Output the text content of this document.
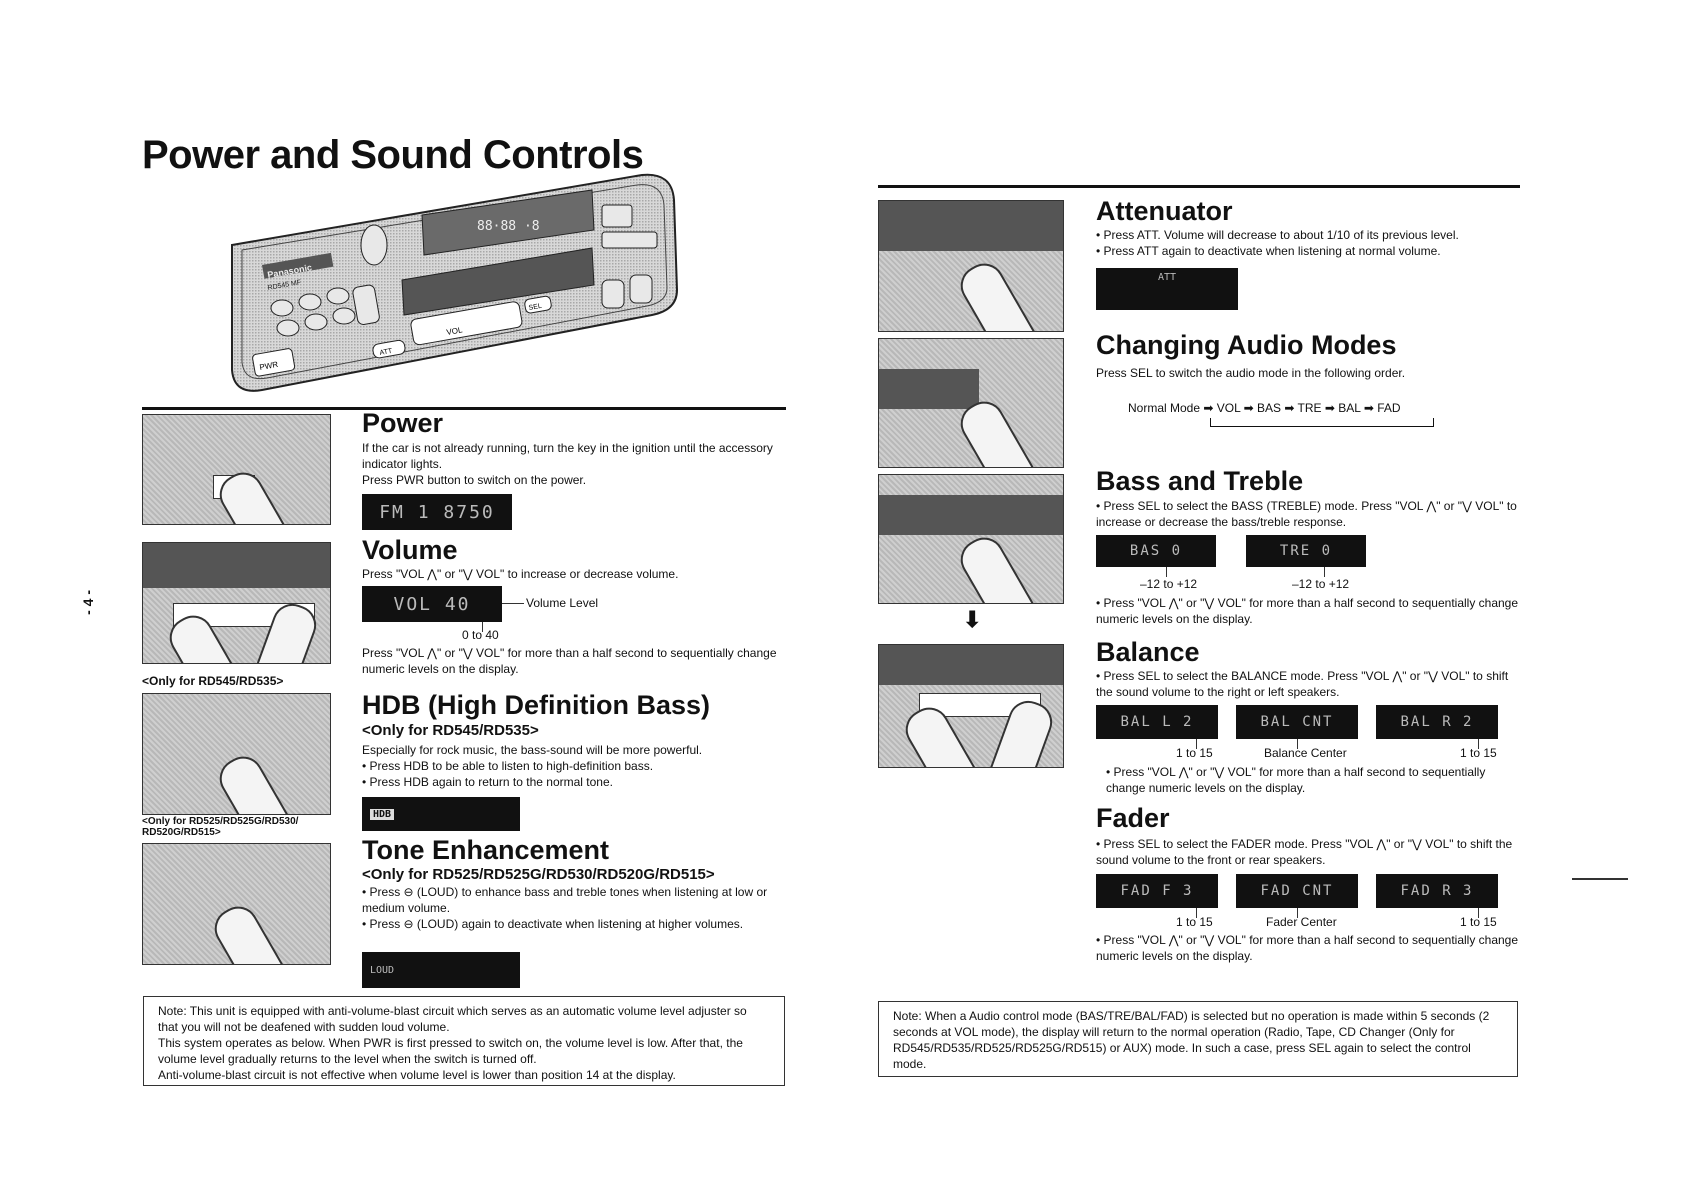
- 4 -
Power and Sound Controls
88·88 ·8
Panasonic
RD545 MF
PWR
ATT
VOL
SEL
<Only for RD545/RD535>
<Only for RD525/RD525G/RD530/ RD520G/RD515>
Power
If the car is not already running, turn the key in the ignition until the accessory indicator lights.
Press PWR button to switch on the power.
FM 1 8750
Volume
Press "VOL ⋀" or "⋁ VOL" to increase or decrease volume.
VOL 40	Volume Level
0 to 40
Press "VOL ⋀" or "⋁ VOL" for more than a half second to sequentially change numeric levels on the display.
HDB (High Definition Bass)
<Only for RD545/RD535>
Especially for rock music, the bass-sound will be more powerful.
• Press HDB to be able to listen to high-definition bass.
• Press HDB again to return to the normal tone.
HDB
Tone Enhancement
<Only for RD525/RD525G/RD530/RD520G/RD515>
• Press ⊖ (LOUD) to enhance bass and treble tones when listening at low or medium volume.
• Press ⊖ (LOUD) again to deactivate when listening at higher volumes.
LOUD
Note: This unit is equipped with anti-volume-blast circuit which serves as an automatic volume level adjuster so that you will not be deafened with sudden loud volume.
This system operates as below. When PWR is first pressed to switch on, the volume level is low. After that, the volume level gradually returns to the level when the switch is turned off.
Anti-volume-blast circuit is not effective when volume level is lower than position 14 at the display.
⬇
Attenuator
• Press ATT. Volume will decrease to about 1/10 of its previous level.
• Press ATT again to deactivate when listening at normal volume.
ATT
Changing Audio Modes
Press SEL to switch the audio mode in the following order.
Normal Mode ➡ VOL ➡ BAS ➡ TRE ➡ BAL ➡ FAD
Bass and Treble
• Press SEL to select the BASS (TREBLE) mode. Press "VOL ⋀" or "⋁ VOL" to increase or decrease the bass/treble response.
BAS 0	TRE 0
–12 to +12	–12 to +12
• Press "VOL ⋀" or "⋁ VOL" for more than a half second to sequentially change numeric levels on the display.
Balance
• Press SEL to select the BALANCE mode. Press "VOL ⋀" or "⋁ VOL" to shift the sound volume to the right or left speakers.
BAL L 2	BAL CNT	BAL R 2
1 to 15	Balance Center	1 to 15
• Press "VOL ⋀" or "⋁ VOL" for more than a half second to sequentially change numeric levels on the display.
Fader
• Press SEL to select the FADER mode. Press "VOL ⋀" or "⋁ VOL" to shift the sound volume to the front or rear speakers.
FAD F 3	FAD CNT	FAD R 3
1 to 15	Fader Center	1 to 15
• Press "VOL ⋀" or "⋁ VOL" for more than a half second to sequentially change numeric levels on the display.
Note: When a Audio control mode (BAS/TRE/BAL/FAD) is selected but no operation is made within 5 seconds (2 seconds at VOL mode), the display will return to the normal operation (Radio, Tape, CD Changer (Only for RD545/RD535/RD525/RD525G/RD515) or AUX) mode. In such a case, press SEL again to select the control mode.
